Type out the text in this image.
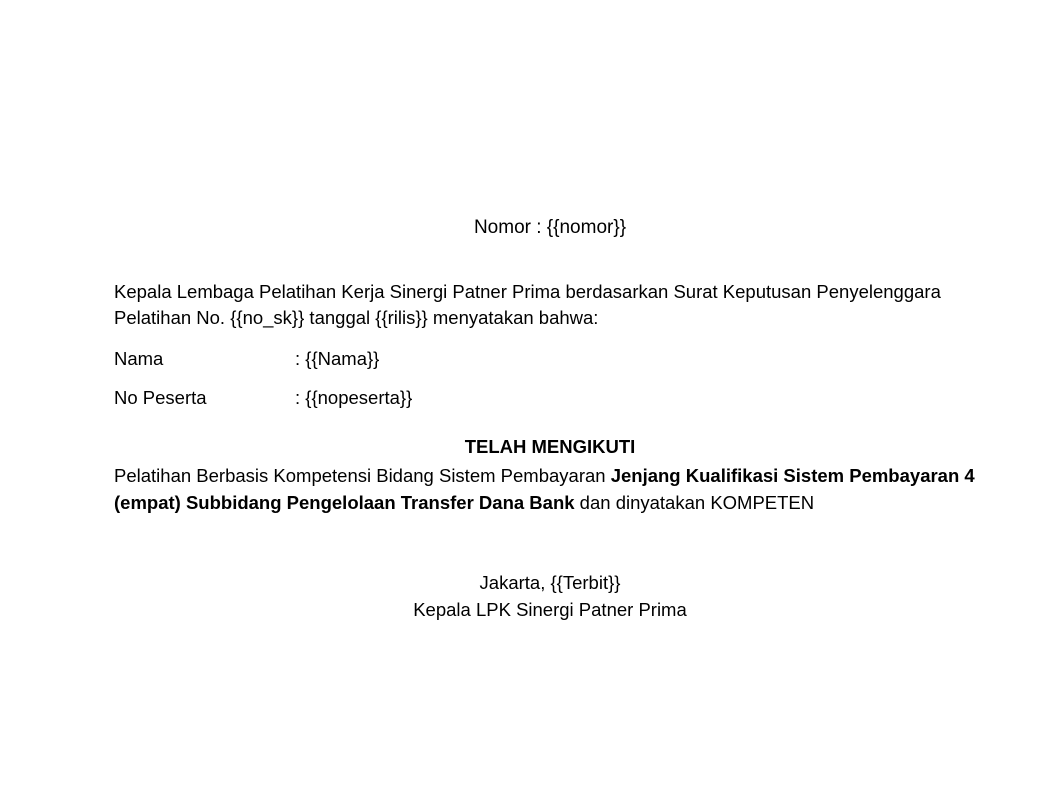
Nomor : {{nomor}}

Kepala Lembaga Pelatihan Kerja Sinergi Patner Prima berdasarkan Surat Keputusan Penyelenggara Pelatihan No. {{no_sk}} tanggal {{rilis}} menyatakan bahwa:

Nama	: {{Nama}}
No Peserta	: {{nopeserta}}
TELAH MENGIKUTI

Pelatihan Berbasis Kompetensi Bidang Sistem Pembayaran Jenjang Kualifikasi Sistem Pembayaran 4 (empat) Subbidang Pengelolaan Transfer Dana Bank dan dinyatakan KOMPETEN

Jakarta, {{Terbit}}
Kepala LPK Sinergi Patner Prima
